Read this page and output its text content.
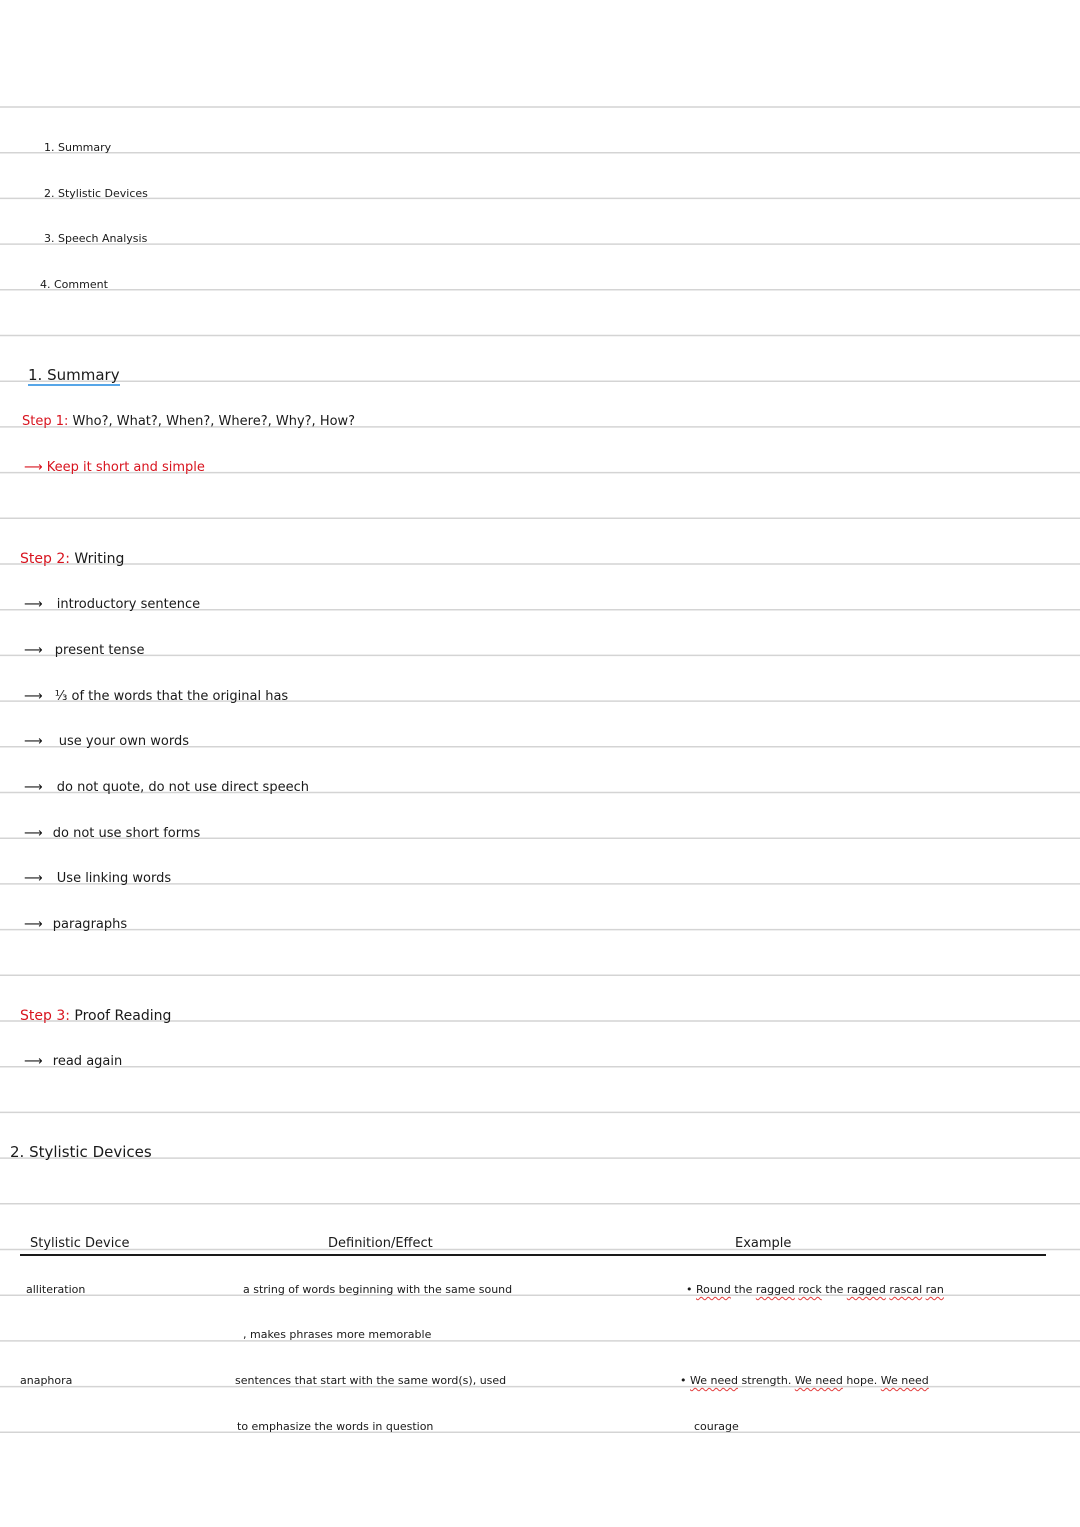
1. Summary
2. Stylistic Devices
3. Speech Analysis
4. Comment
1. Summary
Step 1: Who?, What?, When?, Where?, Why?, How?
⟶ Keep it short and simple
Step 2: Writing
⟶ introductory sentence
⟶ present tense
⟶ ⅓ of the words that the original has
⟶ use your own words
⟶ do not quote, do not use direct speech
⟶ do not use short forms
⟶ Use linking words
⟶ paragraphs
Step 3: Proof Reading
⟶ read again
2. Stylistic Devices
Stylistic Device	Definition/Effect	Example
alliteration	a string of words beginning with the same sound
, makes phrases more memorable
• Round the ragged rock the ragged rascal ran
anaphora	sentences that start with the same word(s), used
to emphasize the words in question
• We need strength. We need hope. We need
courage
